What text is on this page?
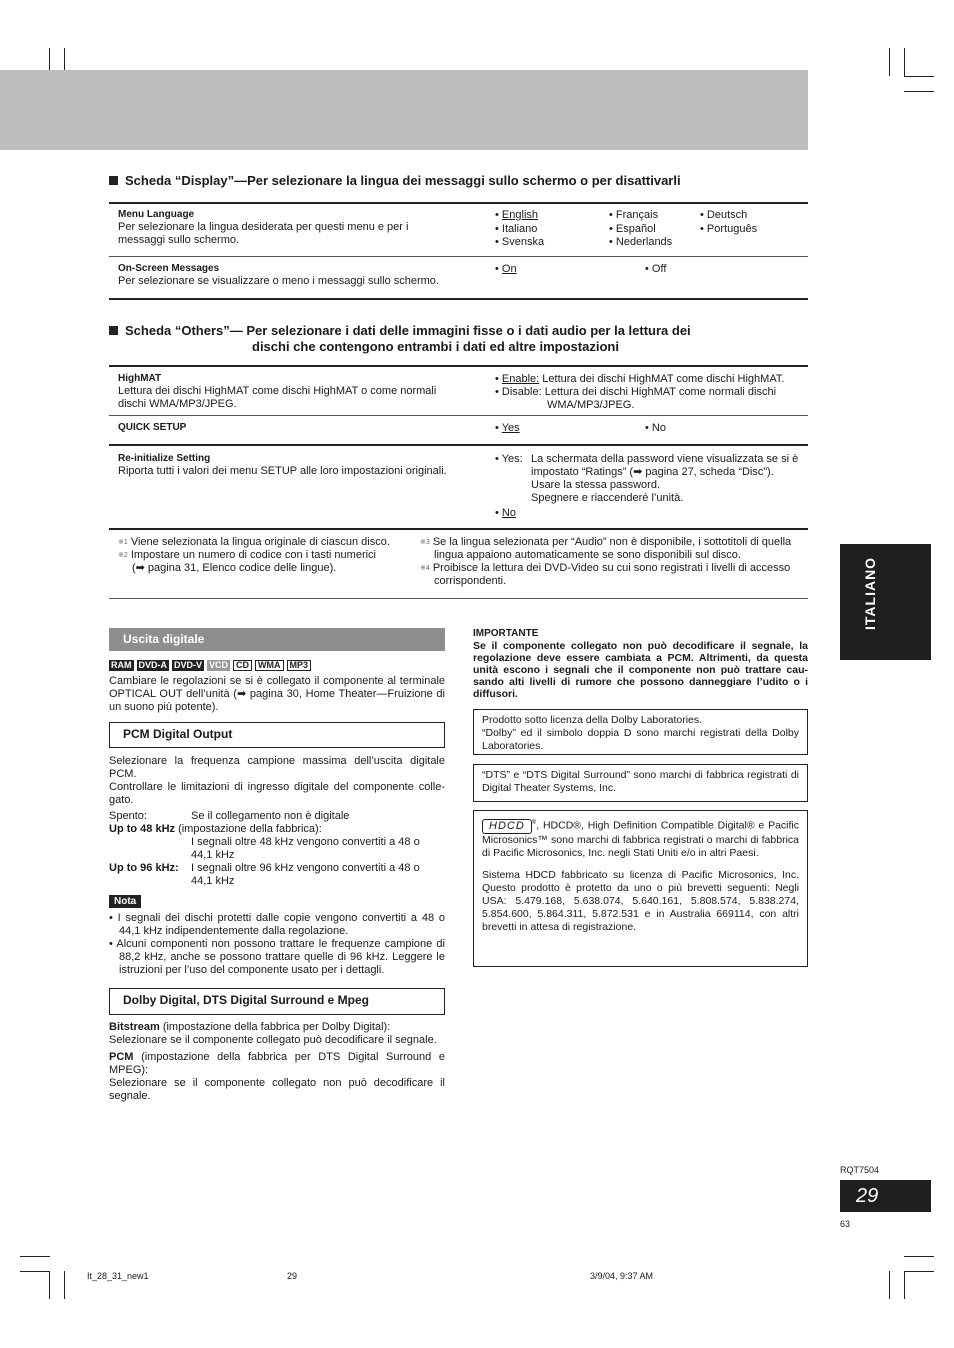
Scheda “Display”—Per selezionare la lingua dei messaggi sullo schermo o per disattivarli
Menu Language
Per selezionare la lingua desiderata per questi menu e per i messaggi sullo schermo.
• English	• Français	• Deutsch
• Italiano	• Español	• Português
• Svenska	• Nederlands
On-Screen Messages
Per selezionare se visualizzare o meno i messaggi sullo schermo.
• On	• Off
Scheda “Others”— Per selezionare i dati delle immagini fisse o i dati audio per la lettura dei
dischi che contengono entrambi i dati ed altre impostazioni
HighMAT
Lettura dei dischi HighMAT come dischi HighMAT o come normali dischi WMA/MP3/JPEG.
• Enable: Lettura dei dischi HighMAT come dischi HighMAT.
• Disable: Lettura dei dischi HighMAT come normali dischi
WMA/MP3/JPEG.
QUICK SETUP	• Yes	• No
Re-initialize Setting
Riporta tutti i valori dei menu SETUP alle loro impostazioni originali.
• Yes: La schermata della password viene visualizzata se si è
impostato “Ratings” (➡ pagina 27, scheda “Disc”).
Usare la stessa password.
Spegnere e riaccenderé l’unità.
• No
$^{※1}$ Viene selezionata la lingua originale di ciascun disco.
$^{※2}$ Impostare un numero di codice con i tasti numerici
(➡ pagina 31, Elenco codice delle lingue).
$^{※3}$ Se la lingua selezionata per “Audio” non è disponibile, i sottotitoli di quella
lingua appaiono automaticamente se sono disponibili sul disco.
$^{※4}$ Proibisce la lettura dei DVD-Video su cui sono registrati i livelli di accesso
corrispondenti.
Uscita digitale
RAM DVD-A DVD-V VCD CD WMA MP3
Cambiare le regolazioni se si è collegato il componente al terminale OPTICAL OUT dell’unità (➡ pagina 30, Home Theater—Fruizione di un suono più potente).
PCM Digital Output
Selezionare la frequenza campione massima dell’uscita digitale PCM.
Controllare le limitazioni di ingresso digitale del componente colle-gato.
Spento:	Se il collegamento non è digitale
Up to 48 kHz (impostazione della fabbrica):
I segnali oltre 48 kHz vengono convertiti a 48 o 44,1 kHz
Up to 96 kHz: I segnali oltre 96 kHz vengono convertiti a 48 o 44,1 kHz
Nota
• I segnali dei dischi protetti dalle copie vengono convertiti a 48 o 44,1 kHz indipendentemente dalla regolazione.
• Alcuni componenti non possono trattare le frequenze campione di 88,2 kHz, anche se possono trattare quelle di 96 kHz. Leggere le istruzioni per l’uso del componente usato per i dettagli.
Dolby Digital, DTS Digital Surround e Mpeg
Bitstream (impostazione della fabbrica per Dolby Digital):
Selezionare se il componente collegato può decodificare il segnale.
PCM (impostazione della fabbrica per DTS Digital Surround e MPEG):
Selezionare se il componente collegato non può decodificare il segnale.
IMPORTANTE
Se il componente collegato non può decodificare il segnale, la regolazione deve essere cambiata a PCM. Altrimenti, da questa unità escono i segnali che il componente non può trattare cau-sando alti livelli di rumore che possono danneggiare l’udito o i diffusori.
Prodotto sotto licenza della Dolby Laboratories.
“Dolby” ed il simbolo doppia D sono marchi registrati della Dolby Laboratories.
“DTS” e “DTS Digital Surround” sono marchi di fabbrica registrati di Digital Theater Systems, Inc.
HDCD ®, HDCD®, High Definition Compatible Digital® e Pacific Microsonics™ sono marchi di fabbrica registrati o marchi di fabbrica di Pacific Microsonics, Inc. negli Stati Uniti e/o in altri Paesi.
Sistema HDCD fabbricato su licenza di Pacific Microsonics, Inc. Questo prodotto è protetto da uno o più brevetti seguenti: Negli USA: 5.479.168, 5.638.074, 5.640.161, 5.808.574, 5.838.274, 5.854.600, 5.864.311, 5.872.531 e in Australia 669114, con altri brevetti in attesa di registrazione.
ITALIANO
RQT7504
29
63
It_28_31_new1	29	3/9/04, 9:37 AM
